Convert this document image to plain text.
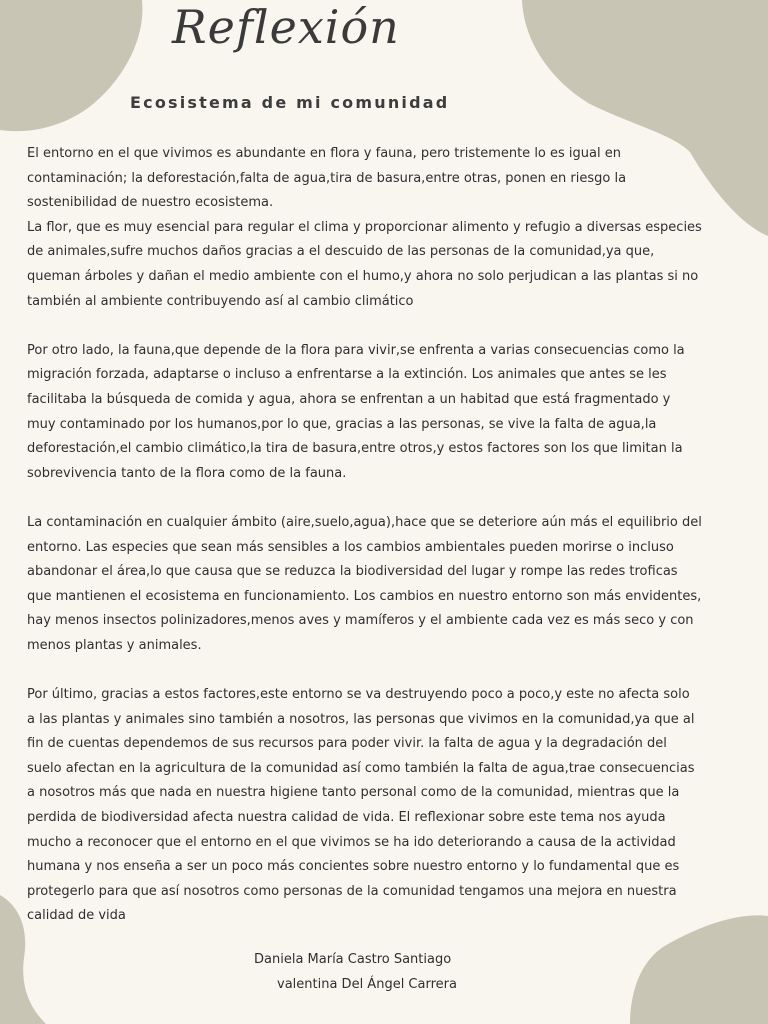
Reflexión
Ecosistema de mi comunidad

El entorno en el que vivimos es abundante en flora y fauna, pero tristemente lo es igual en
contaminación; la deforestación,falta de agua,tira de basura,entre otras, ponen en riesgo la
sostenibilidad de nuestro ecosistema.
La flor, que es muy esencial para regular el clima y proporcionar alimento y refugio a diversas especies
de animales,sufre muchos daños gracias a el descuido de las personas de la comunidad,ya que,
queman árboles y dañan el medio ambiente con el humo,y ahora no solo perjudican a las plantas si no
también al ambiente contribuyendo así al cambio climático

Por otro lado, la fauna,que depende de la flora para vivir,se enfrenta a varias consecuencias como la
migración forzada, adaptarse o incluso a enfrentarse a la extinción. Los animales que antes se les
facilitaba la búsqueda de comida y agua, ahora se enfrentan a un habitad que está fragmentado y
muy contaminado por los humanos,por lo que, gracias a las personas, se vive la falta de agua,la
deforestación,el cambio climático,la tira de basura,entre otros,y estos factores son los que limitan la
sobrevivencia tanto de la flora como de la fauna.

La contaminación en cualquier ámbito (aire,suelo,agua),hace que se deteriore aún más el equilibrio del
entorno. Las especies que sean más sensibles a los cambios ambientales pueden morirse o incluso
abandonar el área,lo que causa que se reduzca la biodiversidad del lugar y rompe las redes troficas
que mantienen el ecosistema en funcionamiento. Los cambios en nuestro entorno son más envidentes,
hay menos insectos polinizadores,menos aves y mamíferos y el ambiente cada vez es más seco y con
menos plantas y animales.

Por último, gracias a estos factores,este entorno se va destruyendo poco a poco,y este no afecta solo
a las plantas y animales sino también a nosotros, las personas que vivimos en la comunidad,ya que al
fin de cuentas dependemos de sus recursos para poder vivir. la falta de agua y la degradación del
suelo afectan en la agricultura de la comunidad así como también la falta de agua,trae consecuencias
a nosotros más que nada en nuestra higiene tanto personal como de la comunidad, mientras que la
perdida de biodiversidad afecta nuestra calidad de vida. El reflexionar sobre este tema nos ayuda
mucho a reconocer que el entorno en el que vivimos se ha ido deteriorando a causa de la actividad
humana y nos enseña a ser un poco más concientes sobre nuestro entorno y lo fundamental que es
protegerlo para que así nosotros como personas de la comunidad tengamos una mejora en nuestra
calidad de vida

Daniela María Castro Santiago
valentina Del Ángel Carrera
